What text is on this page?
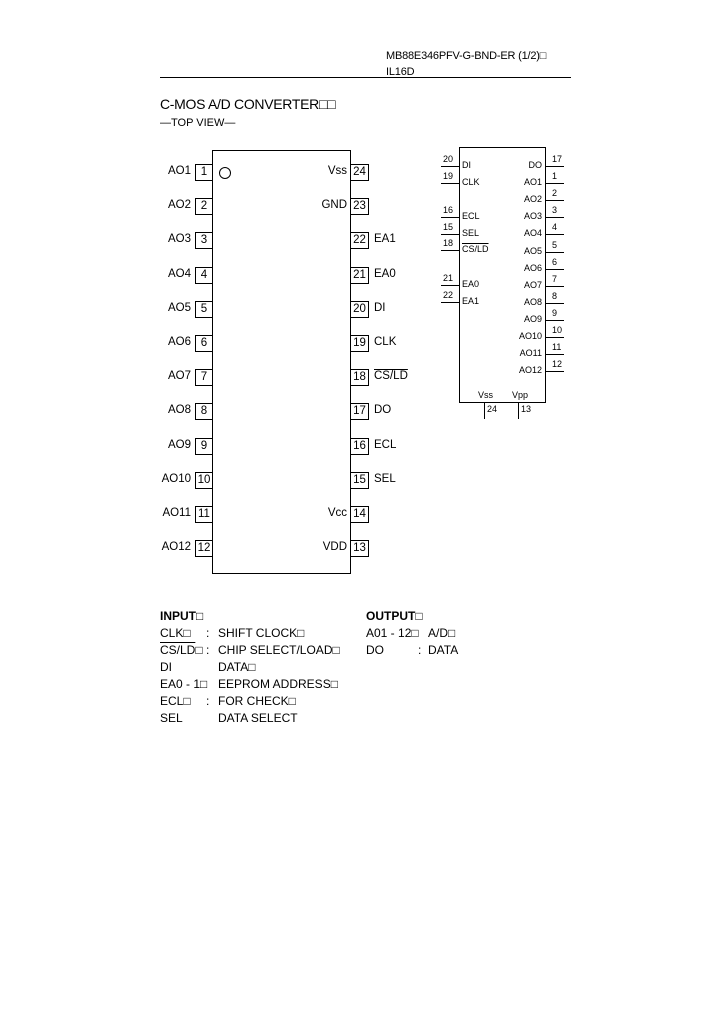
MB88E346PFV-G-BND-ER (1/2)□
IL16D
C-MOS A/D CONVERTER□□
—TOP VIEW—
1
AO1
2
AO2
3
AO3
4
AO4
5
AO5
6
AO6
7
AO7
8
AO8
9
AO9
10
AO10
11
AO11
12
AO12
24
Vss
23
GND
22 EA1
21 EA0
20 DI
19 CLK
18 CS/LD
17 DO
16 ECL
15 SEL
14
Vcc
13
VDD
20
DI
19
CLK
16
ECL
15
SEL
18
CS/LD
21
EA0
22
EA1
17
DO
1
AO1
2
AO2
3
AO3
4
AO4
5
AO5
6
AO6
7
AO7
8
AO8
9
AO9
10
AO10
11
AO11
12
AO12
24
Vss
13
Vpp
INPUT□
CLK□ : SHIFT CLOCK□
CS/LD□ : CHIP SELECT/LOAD□
DI	DATA□
EA0 - 1□ EEPROM ADDRESS□
ECL□ : FOR CHECK□
SEL	DATA SELECT
OUTPUT□
A01 - 12□ A/D□
DO	: DATA
